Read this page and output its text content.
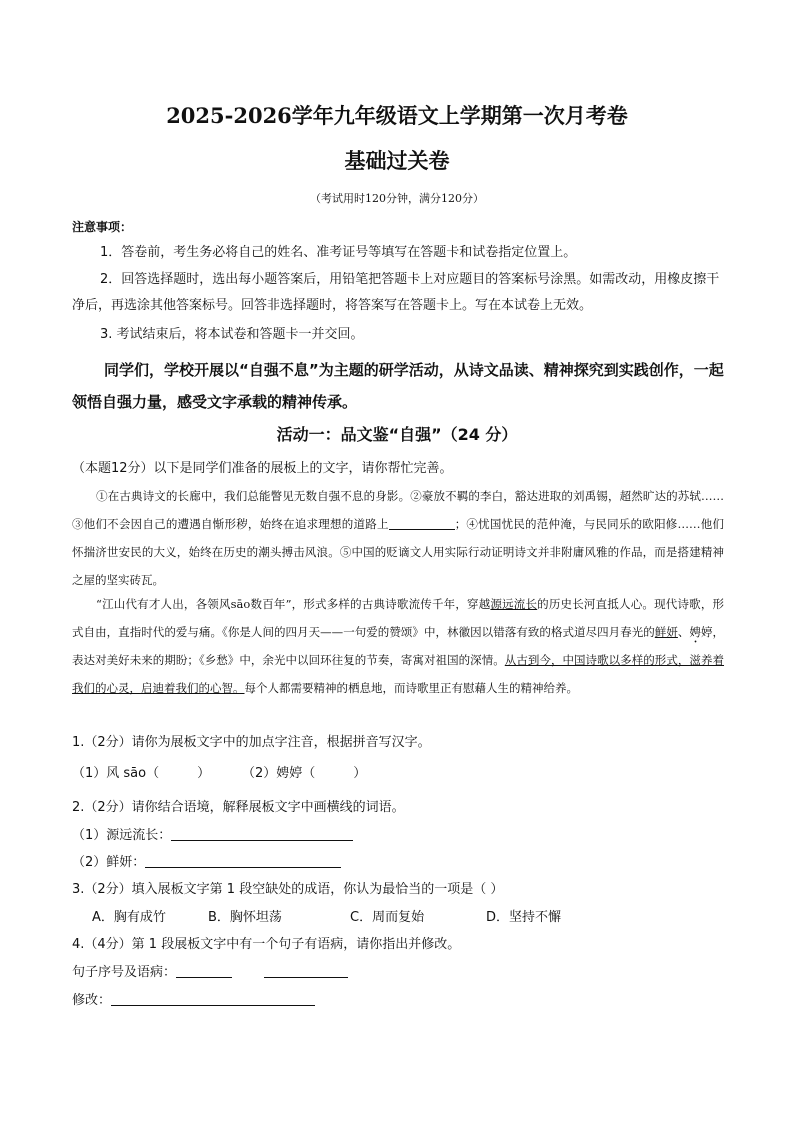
2025-2026学年九年级语文上学期第一次月考卷
基础过关卷
（考试用时120分钟，满分120分）
注意事项：
1．答卷前，考生务必将自己的姓名、准考证号等填写在答题卡和试卷指定位置上。
2．回答选择题时，选出每小题答案后，用铅笔把答题卡上对应题目的答案标号涂黑。如需改动，用橡皮擦干净后，再选涂其他答案标号。回答非选择题时，将答案写在答题卡上。写在本试卷上无效。
3. 考试结束后，将本试卷和答题卡一并交回。
同学们，学校开展以“自强不息”为主题的研学活动，从诗文品读、精神探究到实践创作，一起领悟自强力量，感受文字承载的精神传承。
活动一：品文鉴“自强”（24 分）
（本题12分）以下是同学们准备的展板上的文字，请你帮忙完善。
①在古典诗文的长廊中，我们总能瞥见无数自强不息的身影。②豪放不羁的李白，豁达进取的刘禹锡，超然旷达的苏轼……③他们不会因自己的遭遇自惭形秽，始终在追求理想的道路上	；④忧国忧民的范仲淹，与民同乐的欧阳修……他们怀揣济世安民的大义，始终在历史的潮头搏击风浪。⑤中国的贬谪文人用实际行动证明诗文并非附庸风雅的作品，而是搭建精神之屋的坚实砖瓦。
“江山代有才人出，各领风sāo数百年”，形式多样的古典诗歌流传千年，穿越源远流长的历史长河直抵人心。现代诗歌，形式自由，直指时代的爱与痛。《你是人间的四月天——一句爱的赞颂》中，林徽因以错落有致的格式道尽四月春光的鲜妍、娉婷，表达对美好未来的期盼；《乡愁》中，余光中以回环往复的节奏，寄寓对祖国的深情。从古到今，中国诗歌以多样的形式，滋养着我们的心灵，启迪着我们的心智。每个人都需要精神的栖息地，而诗歌里正有慰藉人生的精神给养。
1.（2分）请你为展板文字中的加点字注音，根据拼音写汉字。
（1）风 sāo（	） （2）娉婷（	）
2.（2分）请你结合语境，解释展板文字中画横线的词语。
（1）源远流长：
（2）鲜妍：
3.（2分）填入展板文字第 1 段空缺处的成语，你认为最恰当的一项是（ ）
A．胸有成竹	B．胸怀坦荡	C．周而复始	D．坚持不懈
4.（4分）第 1 段展板文字中有一个句子有语病，请你指出并修改。
句子序号及语病：
修改：
